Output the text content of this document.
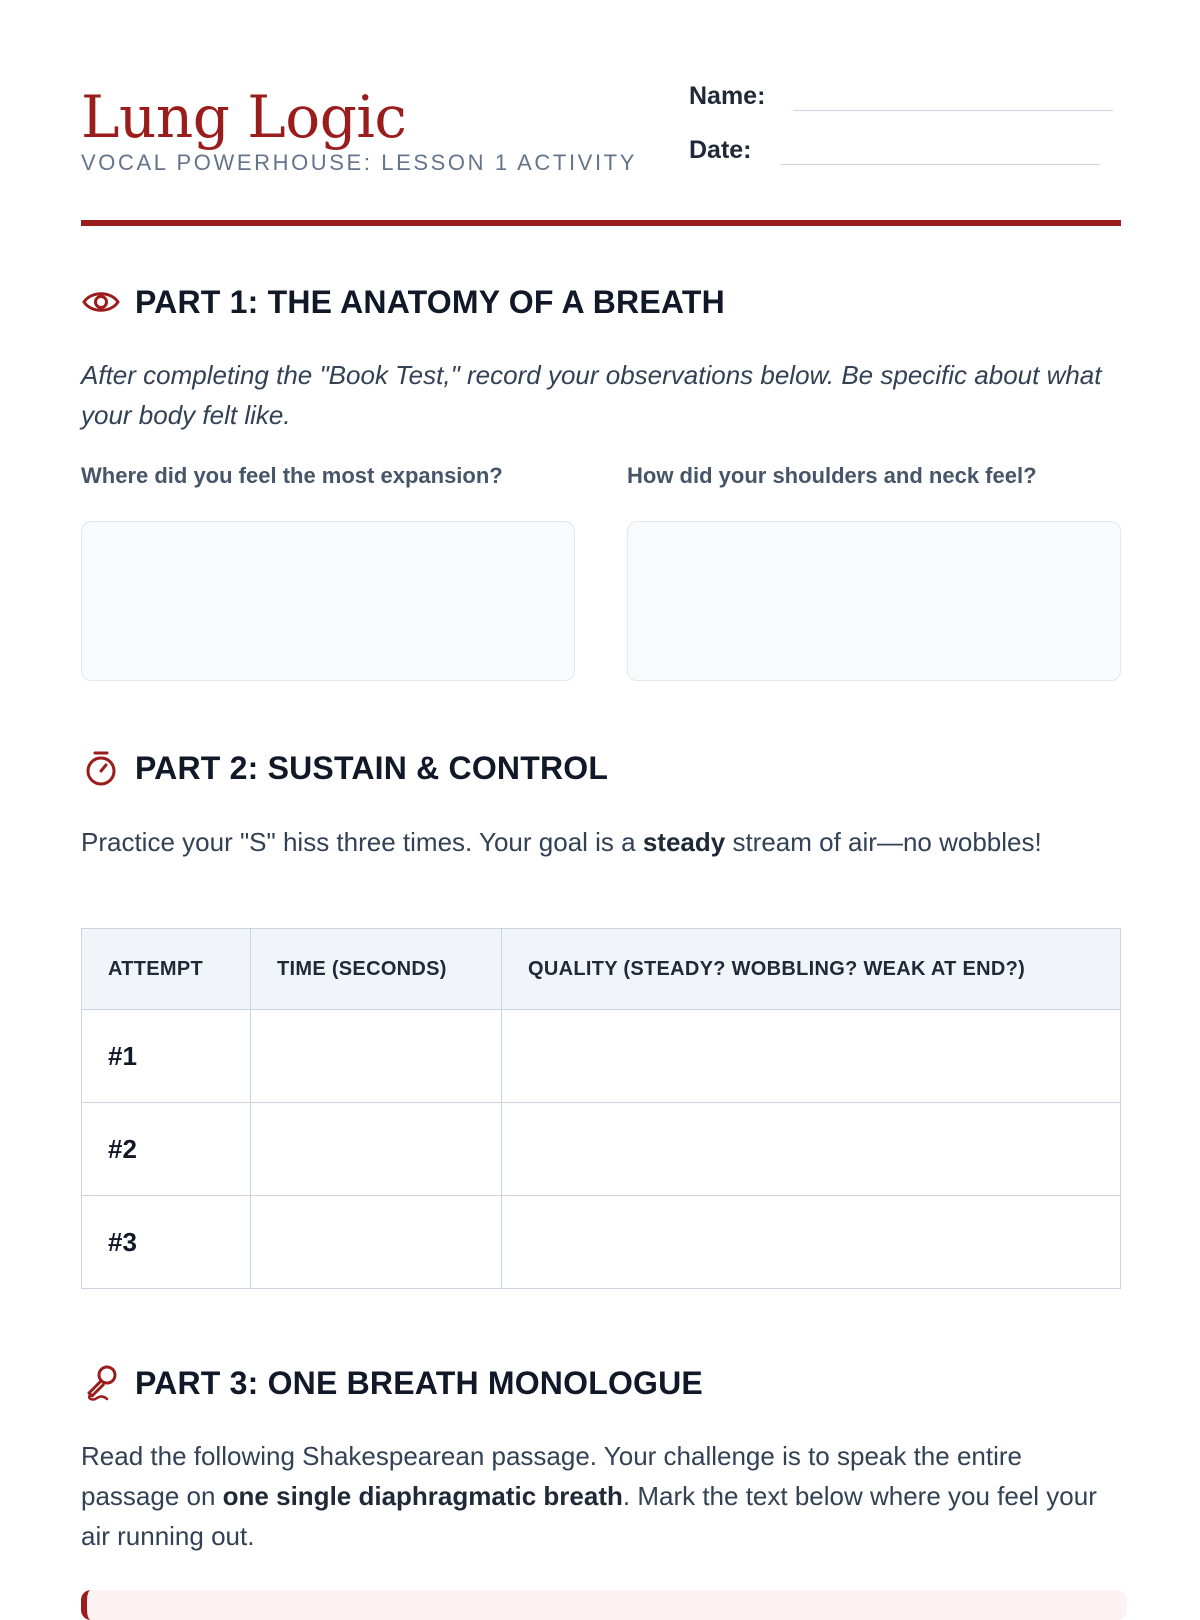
Lung Logic
VOCAL POWERHOUSE: LESSON 1 ACTIVITY
Name:
Date:
PART 1: THE ANATOMY OF A BREATH
After completing the "Book Test," record your observations below. Be specific about what your body felt like.
Where did you feel the most expansion?	How did your shoulders and neck feel?
PART 2: SUSTAIN & CONTROL
Practice your "S" hiss three times. Your goal is a steady stream of air—no wobbles!
ATTEMPT	TIME (SECONDS)	QUALITY (STEADY? WOBBLING? WEAK AT END?)
#1		
#2		
#3		
PART 3: ONE BREATH MONOLOGUE
Read the following Shakespearean passage. Your challenge is to speak the entire passage on one single diaphragmatic breath. Mark the text below where you feel your air running out.
